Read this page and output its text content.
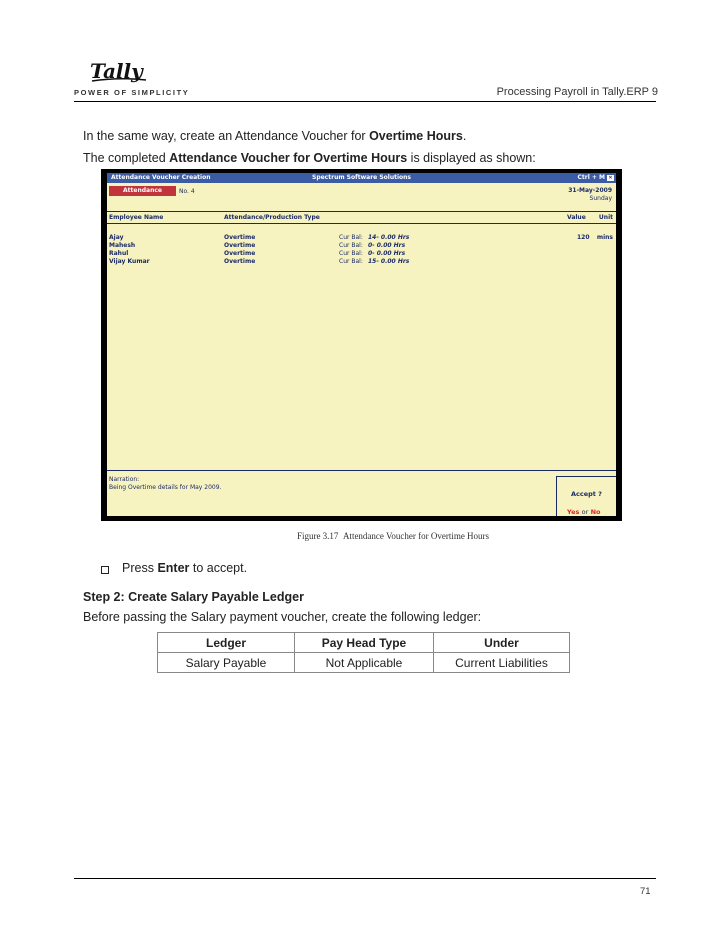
Tally
POWER OF SIMPLICITY	Processing Payroll in Tally.ERP 9
In the same way, create an Attendance Voucher for Overtime Hours.
The completed Attendance Voucher for Overtime Hours is displayed as shown:
Attendance Voucher Creation	Spectrum Software Solutions	Ctrl + M ✕
Attendance	No. 4	31-May-2009
Sunday
Employee Name	Attendance/Production Type	Value Unit
Ajay	Overtime	Cur Bal: 14- 0.00 Hrs	120 mins
Mahesh	Overtime	Cur Bal: 0- 0.00 Hrs
Rahul	Overtime	Cur Bal: 0- 0.00 Hrs
Vijay Kumar	Overtime	Cur Bal: 15- 0.00 Hrs
Narration:
Being Overtime details for May 2009.
Accept ?
Yes or No
Figure 3.17 Attendance Voucher for Overtime Hours
Press Enter to accept.
Step 2: Create Salary Payable Ledger
Before passing the Salary payment voucher, create the following ledger:
Ledger	Pay Head Type	Under
Salary Payable	Not Applicable	Current Liabilities
71
